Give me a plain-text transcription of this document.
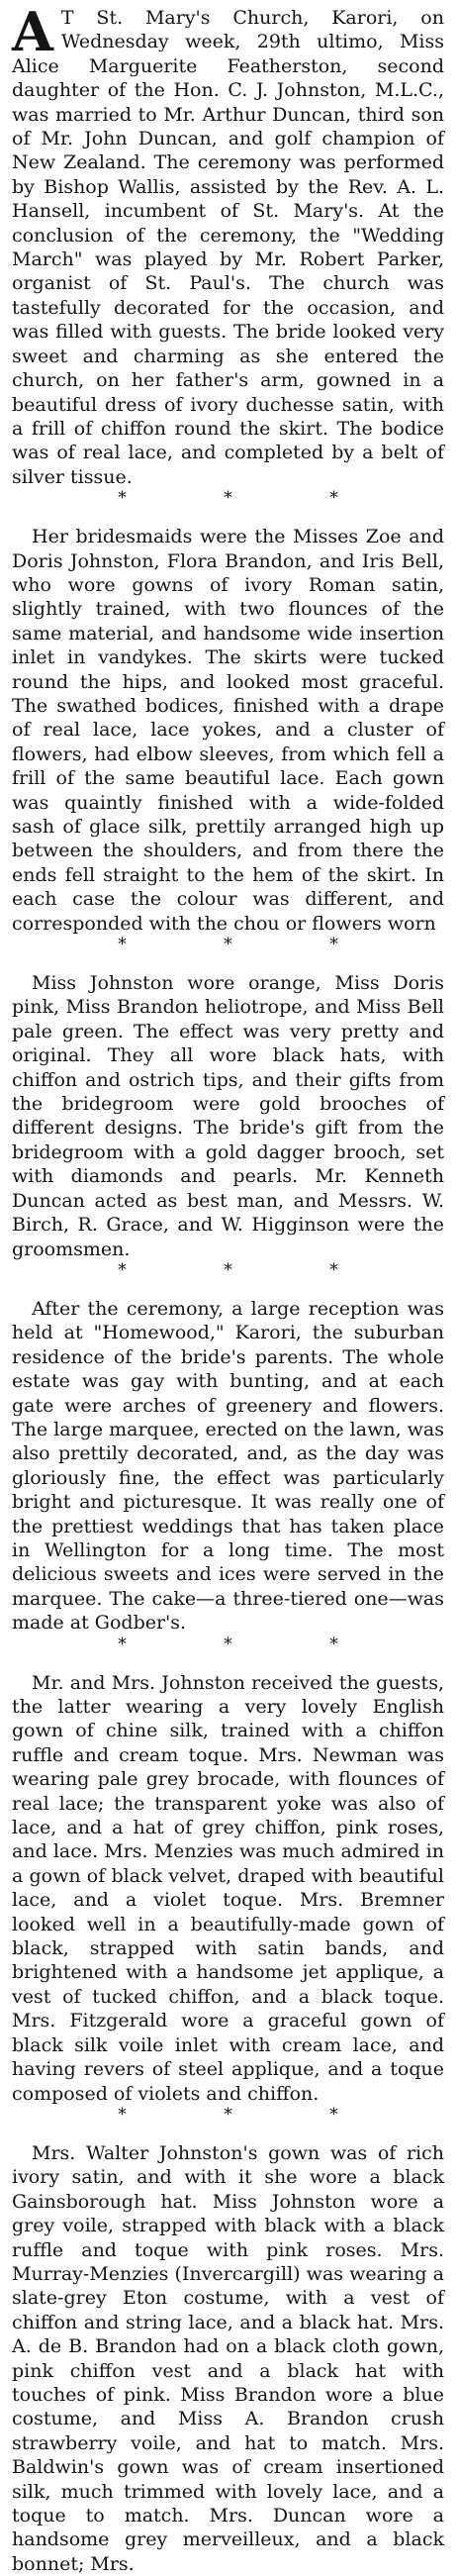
A T St. Mary's Church, Karori, on Wednesday week, 29th ultimo, Miss Alice Marguerite Featherston, second daughter of the Hon. C. J. Johnston, M.L.C., was married to Mr. Arthur Duncan, third son of Mr. John Duncan, and golf champion of New Zealand. The ceremony was performed by Bishop Wallis, assisted by the Rev. A. L. Hansell, incumbent of St. Mary's. At the conclusion of the ceremony, the "Wedding March" was played by Mr. Robert Parker, organist of St. Paul's. The church was tastefully decorated for the occasion, and was filled with guests. The bride looked very sweet and charming as she entered the church, on her father's arm, gowned in a beautiful dress of ivory duchesse satin, with a frill of chiffon round the skirt. The bodice was of real lace, and completed by a belt of silver tissue.

*	*	*

Her bridesmaids were the Misses Zoe and Doris Johnston, Flora Brandon, and Iris Bell, who wore gowns of ivory Roman satin, slightly trained, with two flounces of the same material, and handsome wide insertion inlet in vandykes. The skirts were tucked round the hips, and looked most graceful. The swathed bodices, finished with a drape of real lace, lace yokes, and a cluster of flowers, had elbow sleeves, from which fell a frill of the same beautiful lace. Each gown was quaintly finished with a wide-folded sash of glace silk, prettily arranged high up between the shoulders, and from there the ends fell straight to the hem of the skirt. In each case the colour was different, and corresponded with the chou or flowers worn

*	*	*

Miss Johnston wore orange, Miss Doris pink, Miss Brandon heliotrope, and Miss Bell pale green. The effect was very pretty and original. They all wore black hats, with chiffon and ostrich tips, and their gifts from the bridegroom were gold brooches of different designs. The bride's gift from the bridegroom with a gold dagger brooch, set with diamonds and pearls. Mr. Kenneth Duncan acted as best man, and Messrs. W. Birch, R. Grace, and W. Higginson were the groomsmen.

*	*	*

After the ceremony, a large reception was held at "Homewood," Karori, the suburban residence of the bride's parents. The whole estate was gay with bunting, and at each gate were arches of greenery and flowers. The large marquee, erected on the lawn, was also prettily decorated, and, as the day was gloriously fine, the effect was particularly bright and picturesque. It was really one of the prettiest weddings that has taken place in Wellington for a long time. The most delicious sweets and ices were served in the marquee. The cake—a three-tiered one—was made at Godber's.

*	*	*

Mr. and Mrs. Johnston received the guests, the latter wearing a very lovely English gown of chine silk, trained with a chiffon ruffle and cream toque. Mrs. Newman was wearing pale grey brocade, with flounces of real lace; the transparent yoke was also of lace, and a hat of grey chiffon, pink roses, and lace. Mrs. Menzies was much admired in a gown of black velvet, draped with beautiful lace, and a violet toque. Mrs. Bremner looked well in a beautifully-made gown of black, strapped with satin bands, and brightened with a handsome jet applique, a vest of tucked chiffon, and a black toque. Mrs. Fitzgerald wore a graceful gown of black silk voile inlet with cream lace, and having revers of steel applique, and a toque composed of violets and chiffon.

*	*	*

Mrs. Walter Johnston's gown was of rich ivory satin, and with it she wore a black Gainsborough hat. Miss Johnston wore a grey voile, strapped with black with a black ruffle and toque with pink roses. Mrs. Murray-Menzies (Invercargill) was wearing a slate-grey Eton costume, with a vest of chiffon and string lace, and a black hat. Mrs. A. de B. Brandon had on a black cloth gown, pink chiffon vest and a black hat with touches of pink. Miss Brandon wore a blue costume, and Miss A. Brandon crush strawberry voile, and hat to match. Mrs. Baldwin's gown was of cream insertioned silk, much trimmed with lovely lace, and a toque to match. Mrs. Duncan wore a handsome grey merveilleux, and a black bonnet; Mrs.
